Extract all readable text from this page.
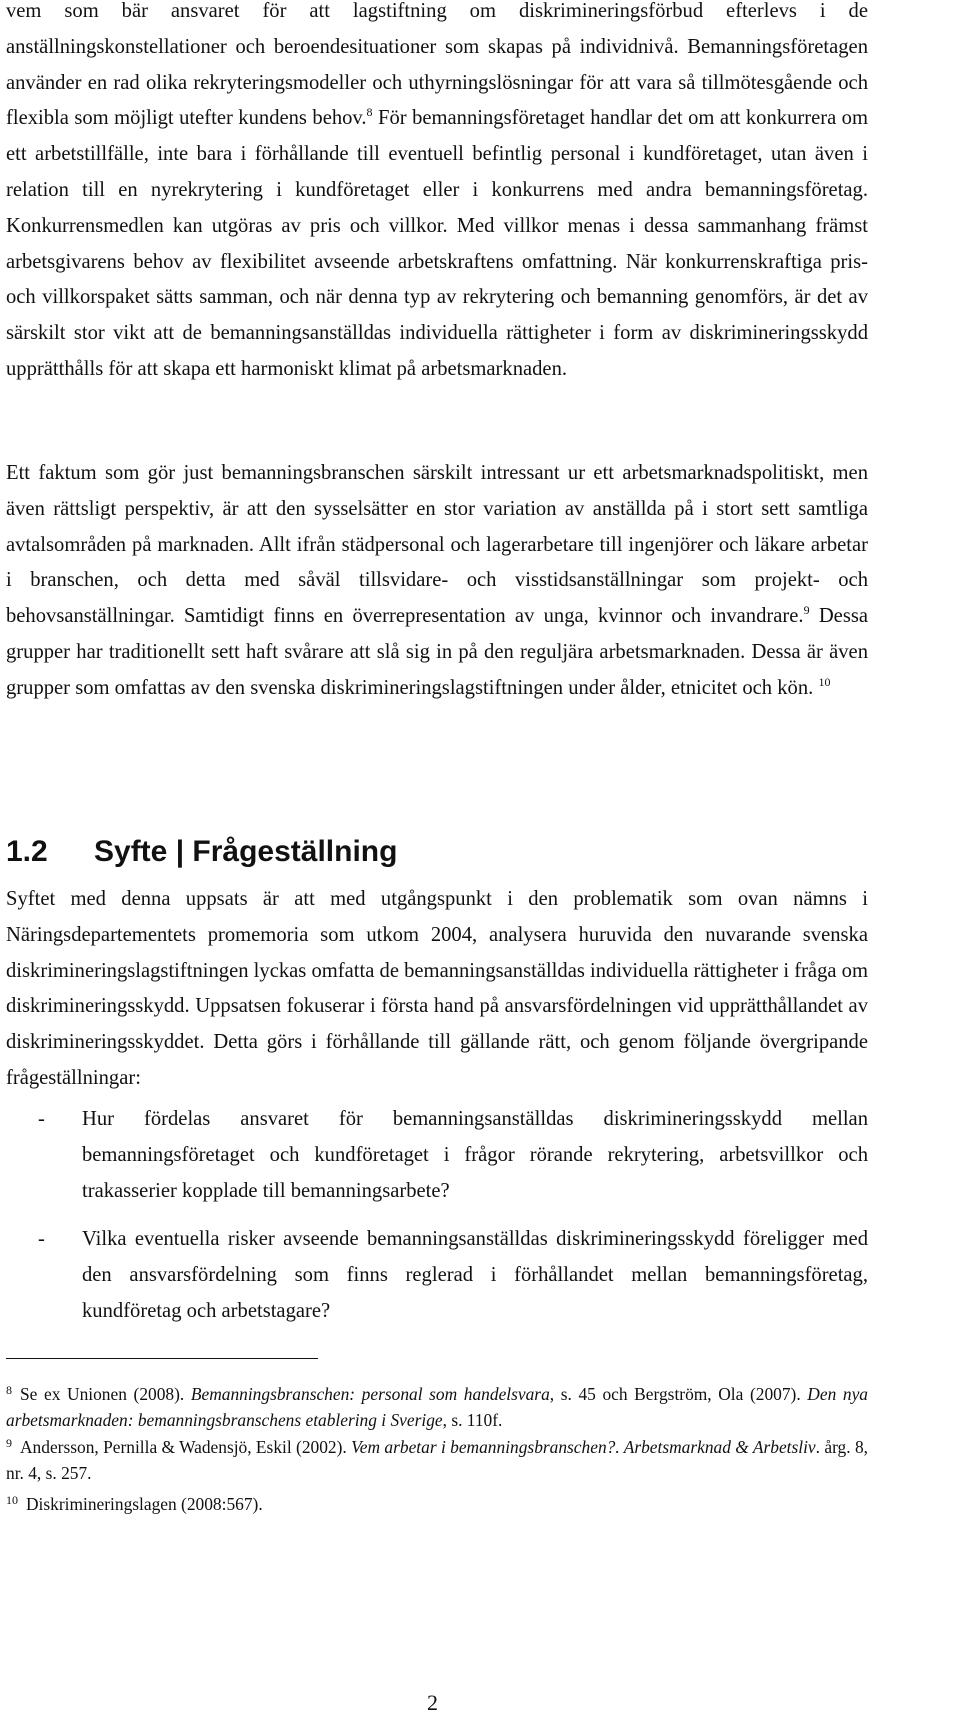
vem som bär ansvaret för att lagstiftning om diskrimineringsförbud efterlevs i de anställningskonstellationer och beroendesituationer som skapas på individnivå. Bemanningsföretagen använder en rad olika rekryteringsmodeller och uthyrningslösningar för att vara så tillmötesgående och flexibla som möjligt utefter kundens behov.$^8$ För bemanningsföretaget handlar det om att konkurrera om ett arbetstillfälle, inte bara i förhållande till eventuell befintlig personal i kundföretaget, utan även i relation till en nyrekrytering i kundföretaget eller i konkurrens med andra bemanningsföretag. Konkurrensmedlen kan utgöras av pris och villkor. Med villkor menas i dessa sammanhang främst arbetsgivarens behov av flexibilitet avseende arbetskraftens omfattning. När konkurrenskraftiga pris- och villkorspaket sätts samman, och när denna typ av rekrytering och bemanning genomförs, är det av särskilt stor vikt att de bemanningsanställdas individuella rättigheter i form av diskrimineringsskydd upprätthålls för att skapa ett harmoniskt klimat på arbetsmarknaden.

Ett faktum som gör just bemanningsbranschen särskilt intressant ur ett arbetsmarknadspolitiskt, men även rättsligt perspektiv, är att den sysselsätter en stor variation av anställda på i stort sett samtliga avtalsområden på marknaden. Allt ifrån städpersonal och lagerarbetare till ingenjörer och läkare arbetar i branschen, och detta med såväl tillsvidare- och visstidsanställningar som projekt- och behovsanställningar. Samtidigt finns en överrepresentation av unga, kvinnor och invandrare.$^9$ Dessa grupper har traditionellt sett haft svårare att slå sig in på den reguljära arbetsmarknaden. Dessa är även grupper som omfattas av den svenska diskrimineringslagstiftningen under ålder, etnicitet och kön. $^{10}$

1.2 Syfte | Frågeställning

Syftet med denna uppsats är att med utgångspunkt i den problematik som ovan nämns i Näringsdepartementets promemoria som utkom 2004, analysera huruvida den nuvarande svenska diskrimineringslagstiftningen lyckas omfatta de bemanningsanställdas individuella rättigheter i fråga om diskrimineringsskydd. Uppsatsen fokuserar i första hand på ansvarsfördelningen vid upprätthållandet av diskrimineringsskyddet. Detta görs i förhållande till gällande rätt, och genom följande övergripande frågeställningar:

-	Hur fördelas ansvaret för bemanningsanställdas diskrimineringsskydd mellan bemanningsföretaget och kundföretaget i frågor rörande rekrytering, arbetsvillkor och trakasserier kopplade till bemanningsarbete?
-	Vilka eventuella risker avseende bemanningsanställdas diskrimineringsskydd föreligger med den ansvarsfördelning som finns reglerad i förhållandet mellan bemanningsföretag, kundföretag och arbetstagare?

$^8$ Se ex Unionen (2008). Bemanningsbranschen: personal som handelsvara, s. 45 och Bergström, Ola (2007). Den nya arbetsmarknaden: bemanningsbranschens etablering i Sverige, s. 110f.

$^9$ Andersson, Pernilla & Wadensjö, Eskil (2002). Vem arbetar i bemanningsbranschen?. Arbetsmarknad & Arbetsliv. årg. 8, nr. 4, s. 257.

$^{10}$ Diskrimineringslagen (2008:567).

2
